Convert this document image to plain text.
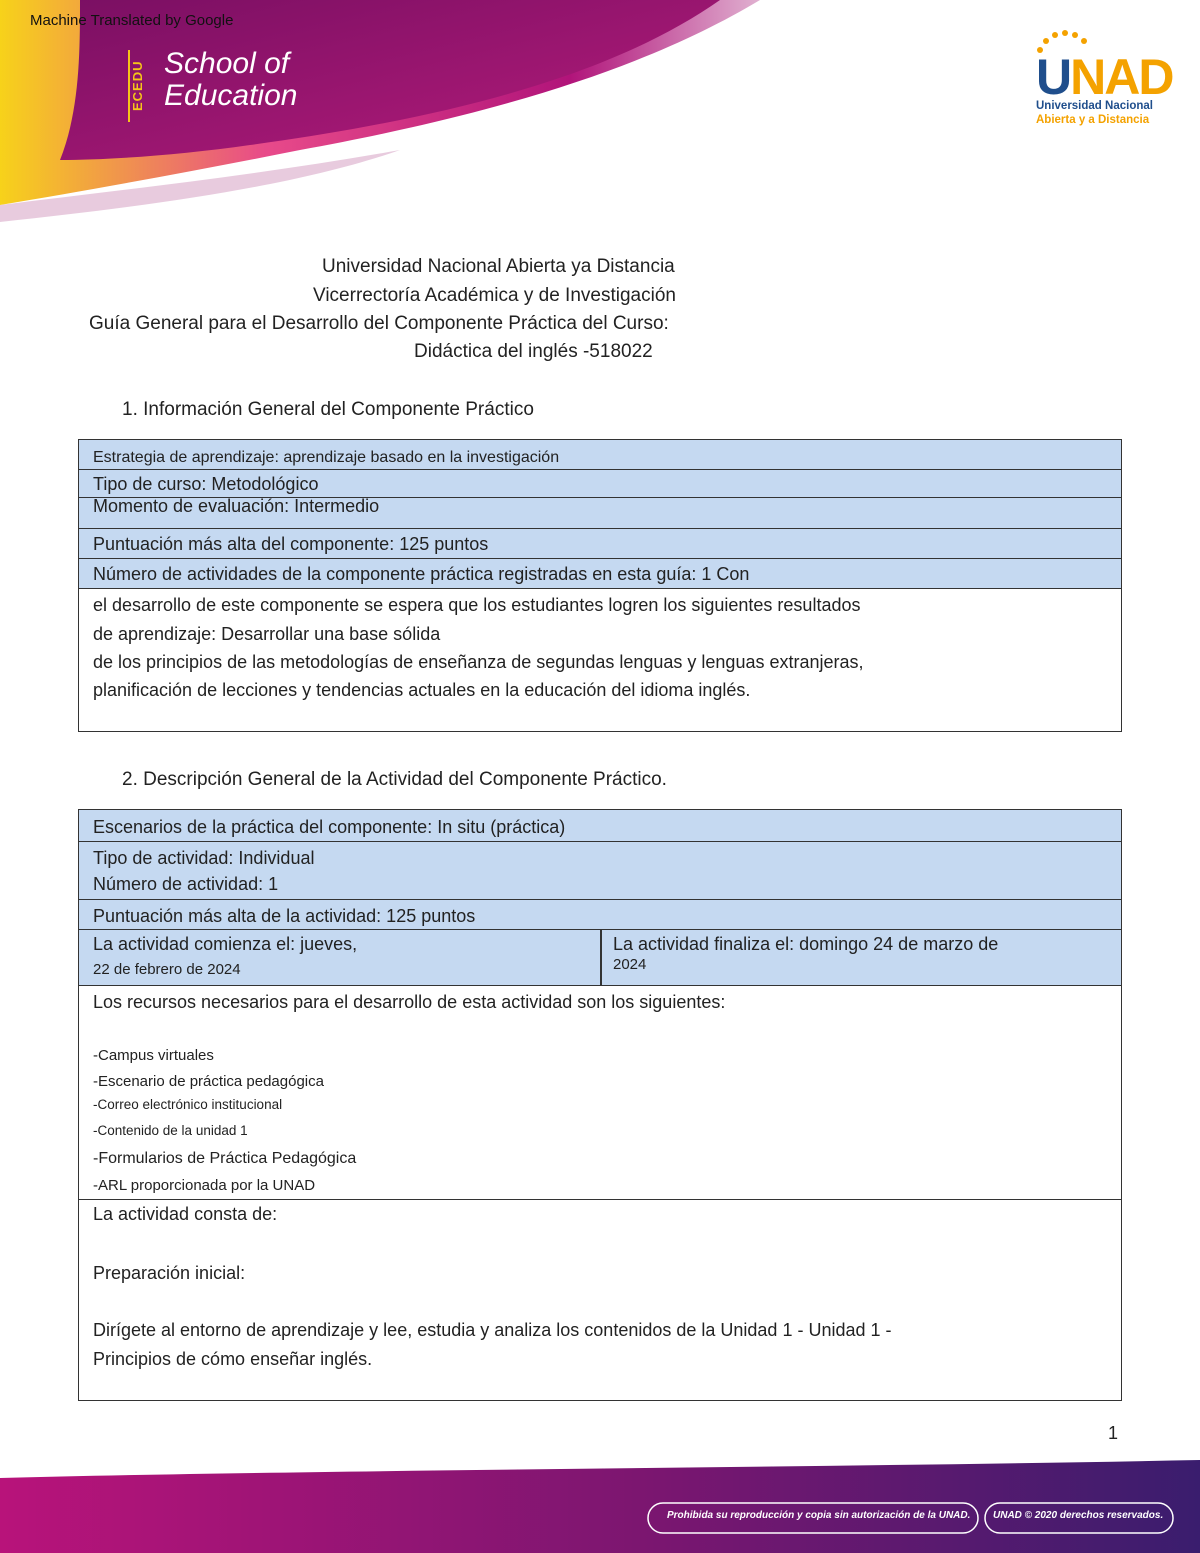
Machine Translated by Google
ECEDU School of
Education	UNAD
Universidad Nacional
Abierta y a Distancia
Universidad Nacional Abierta ya Distancia
Vicerrectoría Académica y de Investigación
Guía General para el Desarrollo del Componente Práctica del Curso:
Didáctica del inglés -518022
1. Información General del Componente Práctico
Estrategia de aprendizaje: aprendizaje basado en la investigación
Tipo de curso: Metodológico
Momento de evaluación: Intermedio
Puntuación más alta del componente: 125 puntos
Número de actividades de la componente práctica registradas en esta guía: 1 Con
el desarrollo de este componente se espera que los estudiantes logren los siguientes resultados
de aprendizaje: Desarrollar una base sólida
de los principios de las metodologías de enseñanza de segundas lenguas y lenguas extranjeras,
planificación de lecciones y tendencias actuales en la educación del idioma inglés.
2. Descripción General de la Actividad del Componente Práctico.
Escenarios de la práctica del componente: In situ (práctica)
Tipo de actividad: Individual
Número de actividad: 1
Puntuación más alta de la actividad: 125 puntos
La actividad comienza el: jueves,
22 de febrero de 2024
La actividad finaliza el: domingo 24 de marzo de
2024
Los recursos necesarios para el desarrollo de esta actividad son los siguientes:
-Campus virtuales
-Escenario de práctica pedagógica
-Correo electrónico institucional
-Contenido de la unidad 1
-Formularios de Práctica Pedagógica
-ARL proporcionada por la UNAD
La actividad consta de:
Preparación inicial:
Dirígete al entorno de aprendizaje y lee, estudia y analiza los contenidos de la Unidad 1 - Unidad 1 -
Principios de cómo enseñar inglés.
1
Prohibida su reproducción y copia sin autorización de la UNAD. UNAD © 2020 derechos reservados.
